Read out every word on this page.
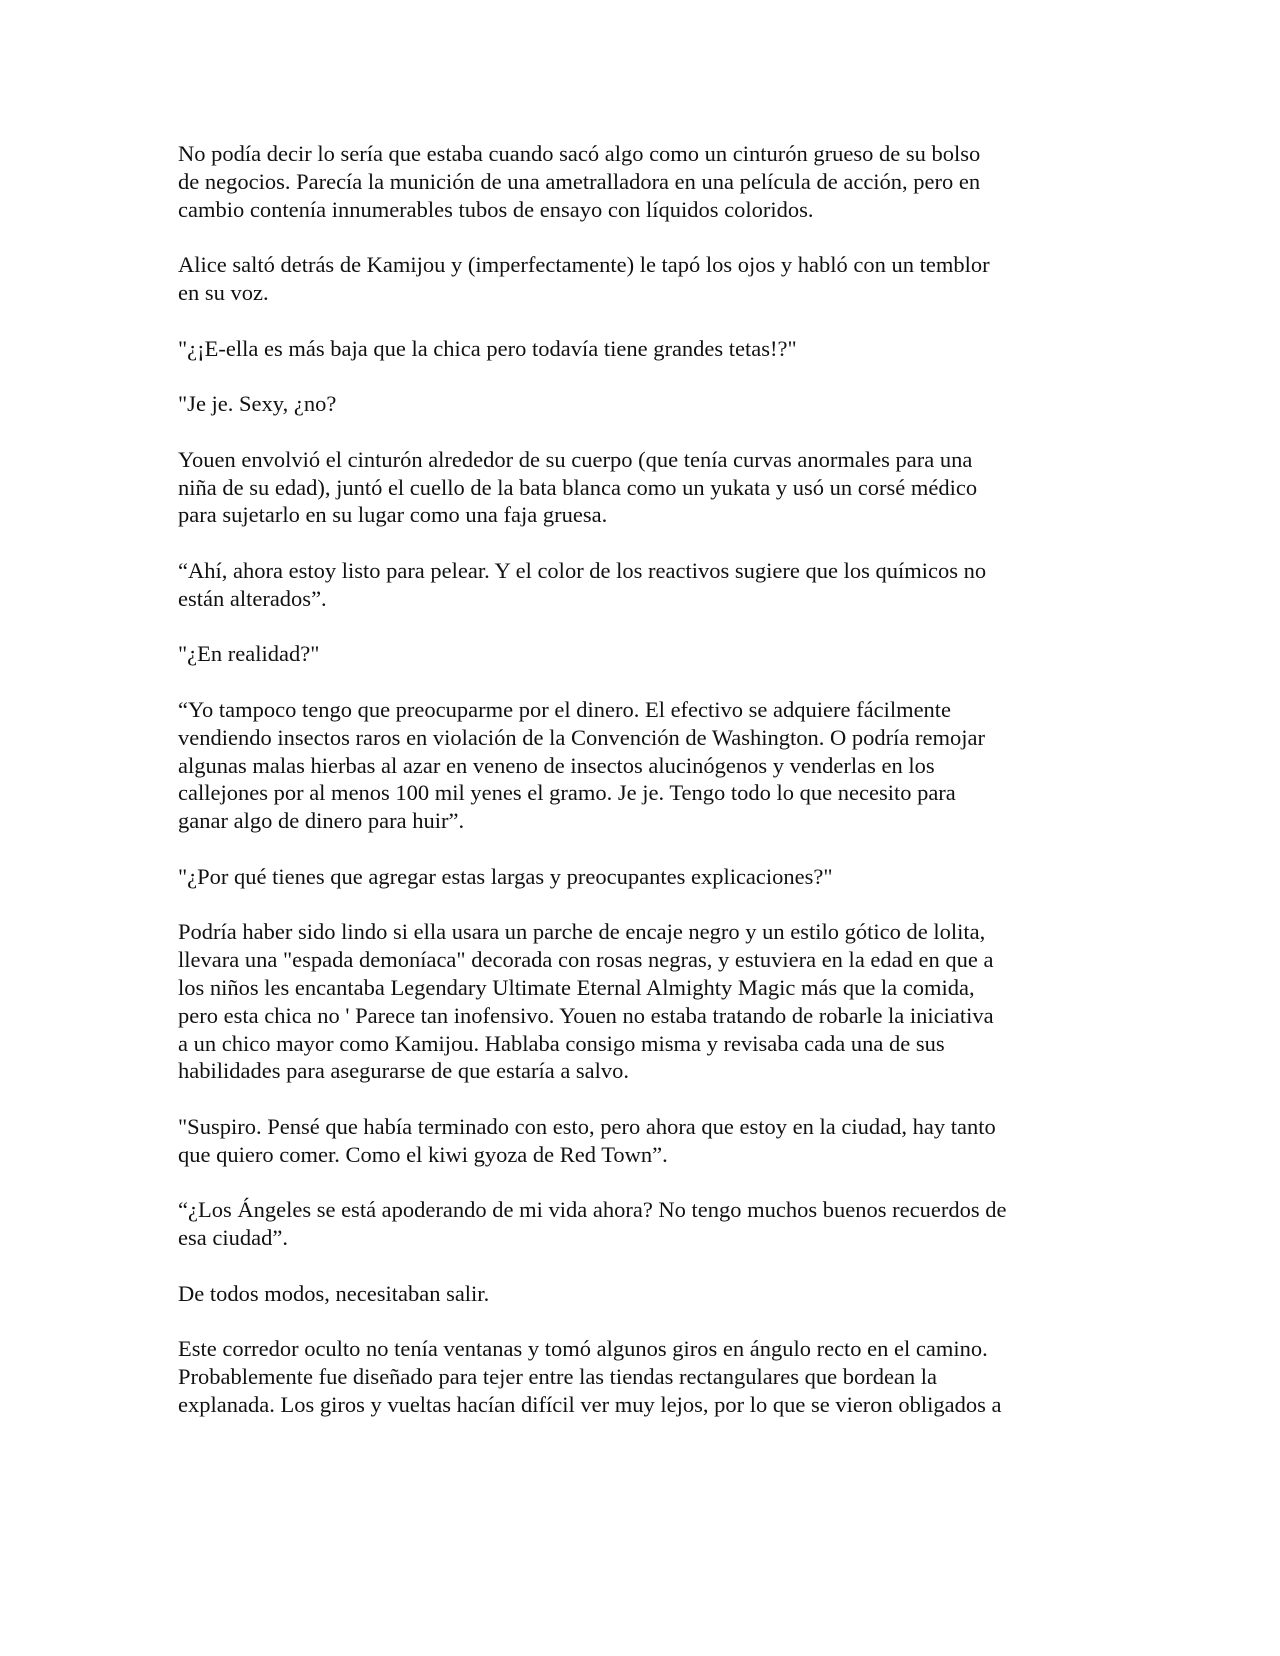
No podía decir lo sería que estaba cuando sacó algo como un cinturón grueso de su bolso
de negocios. Parecía la munición de una ametralladora en una película de acción, pero en
cambio contenía innumerables tubos de ensayo con líquidos coloridos.

Alice saltó detrás de Kamijou y (imperfectamente) le tapó los ojos y habló con un temblor
en su voz.

"¿¡E-ella es más baja que la chica pero todavía tiene grandes tetas!?"

"Je je. Sexy, ¿no?

Youen envolvió el cinturón alrededor de su cuerpo (que tenía curvas anormales para una
niña de su edad), juntó el cuello de la bata blanca como un yukata y usó un corsé médico
para sujetarlo en su lugar como una faja gruesa.

“Ahí, ahora estoy listo para pelear. Y el color de los reactivos sugiere que los químicos no
están alterados”.

"¿En realidad?"

“Yo tampoco tengo que preocuparme por el dinero. El efectivo se adquiere fácilmente
vendiendo insectos raros en violación de la Convención de Washington. O podría remojar
algunas malas hierbas al azar en veneno de insectos alucinógenos y venderlas en los
callejones por al menos 100 mil yenes el gramo. Je je. Tengo todo lo que necesito para
ganar algo de dinero para huir”.

"¿Por qué tienes que agregar estas largas y preocupantes explicaciones?"

Podría haber sido lindo si ella usara un parche de encaje negro y un estilo gótico de lolita,
llevara una "espada demoníaca" decorada con rosas negras, y estuviera en la edad en que a
los niños les encantaba Legendary Ultimate Eternal Almighty Magic más que la comida,
pero esta chica no ' Parece tan inofensivo. Youen no estaba tratando de robarle la iniciativa
a un chico mayor como Kamijou. Hablaba consigo misma y revisaba cada una de sus
habilidades para asegurarse de que estaría a salvo.

"Suspiro. Pensé que había terminado con esto, pero ahora que estoy en la ciudad, hay tanto
que quiero comer. Como el kiwi gyoza de Red Town”.

“¿Los Ángeles se está apoderando de mi vida ahora? No tengo muchos buenos recuerdos de
esa ciudad”.

De todos modos, necesitaban salir.

Este corredor oculto no tenía ventanas y tomó algunos giros en ángulo recto en el camino.
Probablemente fue diseñado para tejer entre las tiendas rectangulares que bordean la
explanada. Los giros y vueltas hacían difícil ver muy lejos, por lo que se vieron obligados a
